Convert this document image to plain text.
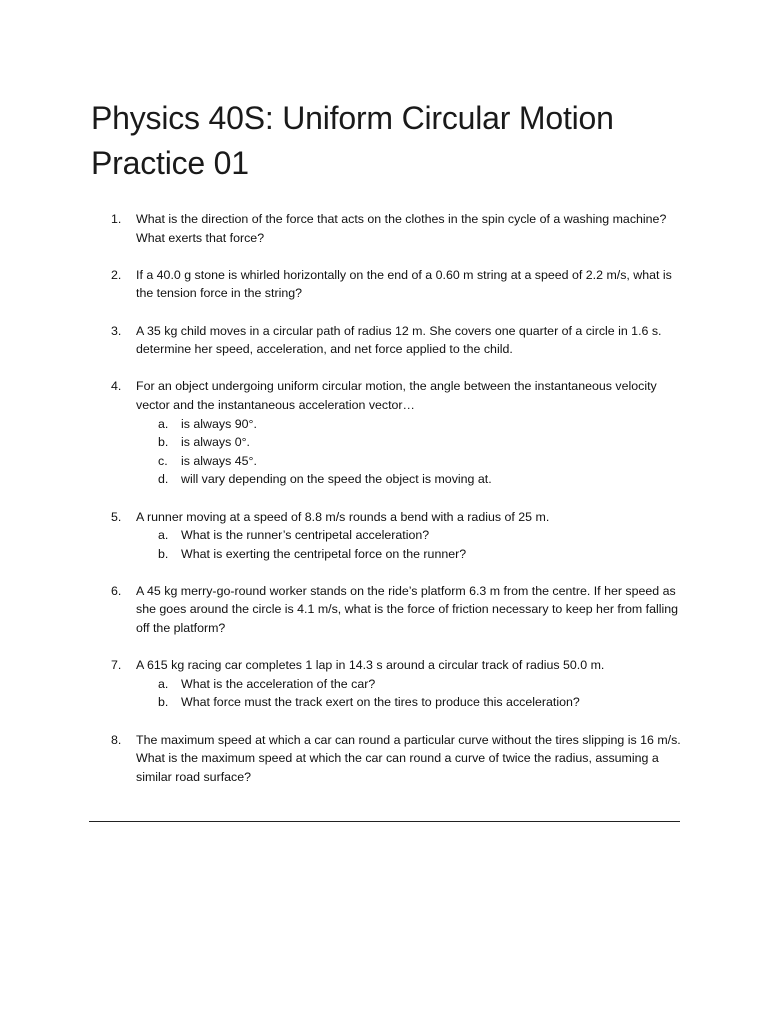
Physics 40S: Uniform Circular Motion
Practice 01
1.	What is the direction of the force that acts on the clothes in the spin cycle of a washing machine? What exerts that force?
2.	If a 40.0 g stone is whirled horizontally on the end of a 0.60 m string at a speed of 2.2 m/s, what is the tension force in the string?
3.	A 35 kg child moves in a circular path of radius 12 m. She covers one quarter of a circle in 1.6 s. determine her speed, acceleration, and net force applied to the child.
4.	For an object undergoing uniform circular motion, the angle between the instantaneous velocity vector and the instantaneous acceleration vector…
a. is always 90°.
b. is always 0°.
c. is always 45°.
d. will vary depending on the speed the object is moving at.
5.	A runner moving at a speed of 8.8 m/s rounds a bend with a radius of 25 m.
a. What is the runner’s centripetal acceleration?
b. What is exerting the centripetal force on the runner?
6.	A 45 kg merry-go-round worker stands on the ride’s platform 6.3 m from the centre. If her speed as she goes around the circle is 4.1 m/s, what is the force of friction necessary to keep her from falling off the platform?
7.	A 615 kg racing car completes 1 lap in 14.3 s around a circular track of radius 50.0 m.
a. What is the acceleration of the car?
b. What force must the track exert on the tires to produce this acceleration?
8.	The maximum speed at which a car can round a particular curve without the tires slipping is 16 m/s. What is the maximum speed at which the car can round a curve of twice the radius, assuming a similar road surface?
